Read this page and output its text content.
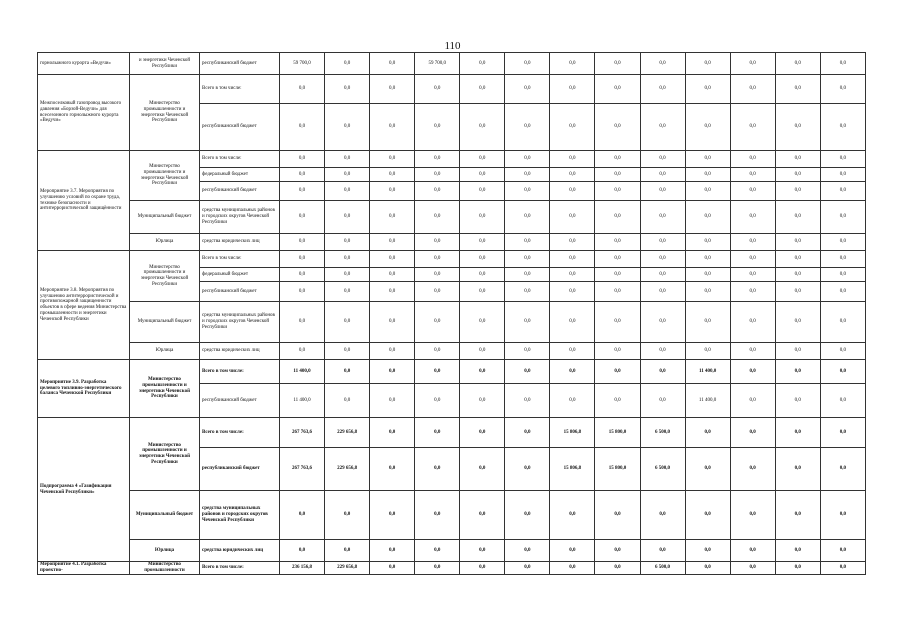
110
горнолыжного курорта «Ведучи»	и энергетики Чеченской Республики	республиканский бюджет	59 700,0	0,0	0,0	59 700,0	0,0	0,0	0,0	0,0	0,0	0,0	0,0	0,0	0,0
Межпоселковый газопровод высокого давления «Борзой-Ведучи» для всесезонного горнолыжного курорта «Ведучи»	Министерство промышленности и энергетики Чеченской Республики	Всего в том числе:	0,0	0,0	0,0	0,0	0,0	0,0	0,0	0,0	0,0	0,0	0,0	0,0	0,0
		республиканский бюджет	0,0	0,0	0,0	0,0	0,0	0,0	0,0	0,0	0,0	0,0	0,0	0,0	0,0
Мероприятие 3.7. Мероприятия по улучшению условий по охране труда, технике безопасности и антитеррористической защищённости	Министерство промышленности и энергетики Чеченской Республики	Всего в том числе:	0,0	0,0	0,0	0,0	0,0	0,0	0,0	0,0	0,0	0,0	0,0	0,0	0,0
		федеральный бюджет	0,0	0,0	0,0	0,0	0,0	0,0	0,0	0,0	0,0	0,0	0,0	0,0	0,0
		республиканский бюджет	0,0	0,0	0,0	0,0	0,0	0,0	0,0	0,0	0,0	0,0	0,0	0,0	0,0
	Муниципальный бюджет	средства муниципальных районов и городских округов Чеченской Республики	0,0	0,0	0,0	0,0	0,0	0,0	0,0	0,0	0,0	0,0	0,0	0,0	0,0
	Юрлица	средства юридических лиц	0,0	0,0	0,0	0,0	0,0	0,0	0,0	0,0	0,0	0,0	0,0	0,0	0,0
Мероприятие 3.8. Мероприятия по улучшению антитеррористической и противопожарной защищенности объектов в сфере ведения Министерства промышленности и энергетики Чеченской Республики	Министерство промышленности и энергетики Чеченской Республики	Всего в том числе:	0,0	0,0	0,0	0,0	0,0	0,0	0,0	0,0	0,0	0,0	0,0	0,0	0,0
		федеральный бюджет	0,0	0,0	0,0	0,0	0,0	0,0	0,0	0,0	0,0	0,0	0,0	0,0	0,0
		республиканский бюджет	0,0	0,0	0,0	0,0	0,0	0,0	0,0	0,0	0,0	0,0	0,0	0,0	0,0
	Муниципальный бюджет	средства муниципальных районов и городских округов Чеченской Республики	0,0	0,0	0,0	0,0	0,0	0,0	0,0	0,0	0,0	0,0	0,0	0,0	0,0
	Юрлица	средства юридических лиц	0,0	0,0	0,0	0,0	0,0	0,0	0,0	0,0	0,0	0,0	0,0	0,0	0,0
Мероприятие 3.9. Разработка целевого топливно-энергетического баланса Чеченской Республики	Министерство промышленности и энергетики Чеченской Республики	Всего в том числе:	11 400,0	0,0	0,0	0,0	0,0	0,0	0,0	0,0	0,0	11 400,0	0,0	0,0	0,0
		республиканский бюджет	11 400,0	0,0	0,0	0,0	0,0	0,0	0,0	0,0	0,0	11 400,0	0,0	0,0	0,0
Подпрограмма 4 «Газификация Чеченской Республики»	Министерство промышленности и энергетики Чеченской Республики	Всего в том числе:	267 763,6	229 656,8	0,0	0,0	0,0	0,0	15 806,8	15 800,0	6 500,0	0,0	0,0	0,0	0,0
		республиканский бюджет	267 763,6	229 656,8	0,0	0,0	0,0	0,0	15 806,8	15 800,0	6 500,0	0,0	0,0	0,0	0,0
	Муниципальный бюджет	средства муниципальных районов и городских округов Чеченской Республики	0,0	0,0	0,0	0,0	0,0	0,0	0,0	0,0	0,0	0,0	0,0	0,0	0,0
	Юрлица	средства юридических лиц	0,0	0,0	0,0	0,0	0,0	0,0	0,0	0,0	0,0	0,0	0,0	0,0	0,0
Мероприятие 4.1. Разработка проектно-	Министерство промышленности	Всего в том числе:	236 156,8	229 656,8	0,0	0,0	0,0	0,0	0,0	0,0	6 500,0	0,0	0,0	0,0	0,0
